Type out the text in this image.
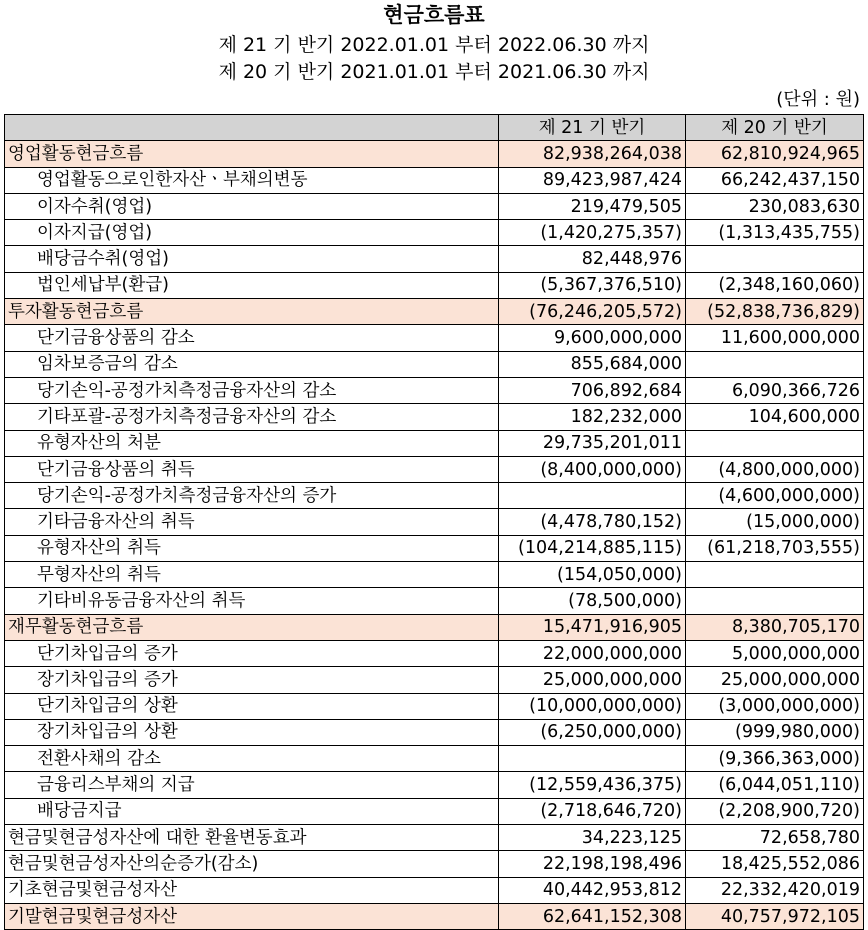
현금흐름표
제 21 기 반기 2022.01.01 부터 2022.06.30 까지
제 20 기 반기 2021.01.01 부터 2021.06.30 까지
(단위 : 원)
	제 21 기 반기	제 20 기 반기
영업활동현금흐름	82,938,264,038	62,810,924,965
영업활동으로인한자산ㆍ부채의변동	89,423,987,424	66,242,437,150
이자수취(영업)	219,479,505	230,083,630
이자지급(영업)	(1,420,275,357)	(1,313,435,755)
배당금수취(영업)	82,448,976	
법인세납부(환급)	(5,367,376,510)	(2,348,160,060)
투자활동현금흐름	(76,246,205,572)	(52,838,736,829)
단기금융상품의 감소	9,600,000,000	11,600,000,000
임차보증금의 감소	855,684,000	
당기손익-공정가치측정금융자산의 감소	706,892,684	6,090,366,726
기타포괄-공정가치측정금융자산의 감소	182,232,000	104,600,000
유형자산의 처분	29,735,201,011	
단기금융상품의 취득	(8,400,000,000)	(4,800,000,000)
당기손익-공정가치측정금융자산의 증가		(4,600,000,000)
기타금융자산의 취득	(4,478,780,152)	(15,000,000)
유형자산의 취득	(104,214,885,115)	(61,218,703,555)
무형자산의 취득	(154,050,000)	
기타비유동금융자산의 취득	(78,500,000)	
재무활동현금흐름	15,471,916,905	8,380,705,170
단기차입금의 증가	22,000,000,000	5,000,000,000
장기차입금의 증가	25,000,000,000	25,000,000,000
단기차입금의 상환	(10,000,000,000)	(3,000,000,000)
장기차입금의 상환	(6,250,000,000)	(999,980,000)
전환사채의 감소		(9,366,363,000)
금융리스부채의 지급	(12,559,436,375)	(6,044,051,110)
배당금지급	(2,718,646,720)	(2,208,900,720)
현금및현금성자산에 대한 환율변동효과	34,223,125	72,658,780
현금및현금성자산의순증가(감소)	22,198,198,496	18,425,552,086
기초현금및현금성자산	40,442,953,812	22,332,420,019
기말현금및현금성자산	62,641,152,308	40,757,972,105
